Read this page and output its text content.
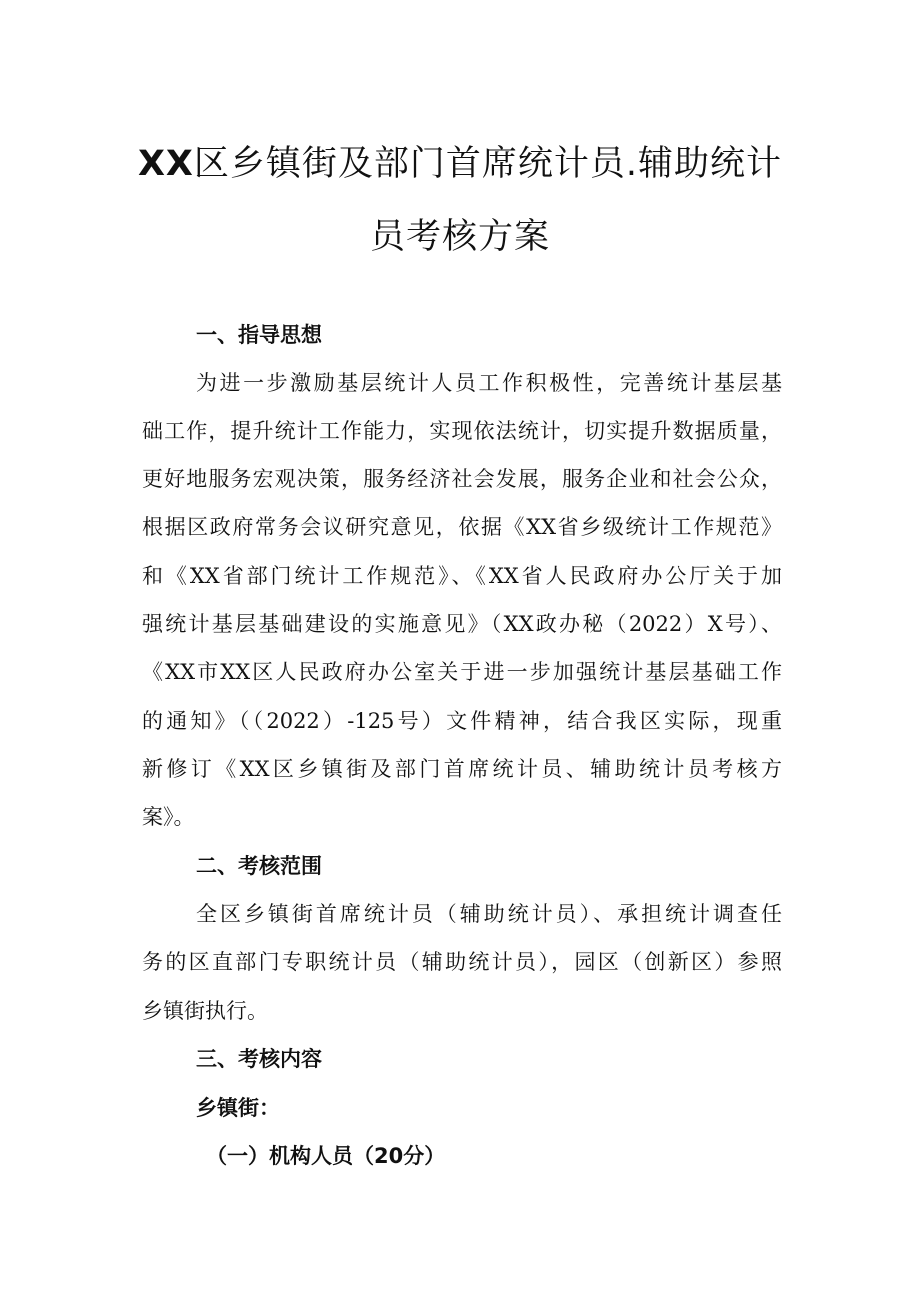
XX区乡镇街及部门首席统计员.辅助统计
员考核方案
一、指导思想
为进一步激励基层统计人员工作积极性，完善统计基层基
础工作，提升统计工作能力，实现依法统计，切实提升数据质量，
更好地服务宏观决策，服务经济社会发展，服务企业和社会公众，
根据区政府常务会议研究意见，依据《XX省乡级统计工作规范》
和《XX省部门统计工作规范》、《XX省人民政府办公厅关于加
强统计基层基础建设的实施意见》（XX政办秘（2022）X号）、
《XX市XX区人民政府办公室关于进一步加强统计基层基础工作
的通知》（（2022）-125号）文件精神，结合我区实际，现重
新修订《XX区乡镇街及部门首席统计员、辅助统计员考核方
案》。
二、考核范围
全区乡镇街首席统计员（辅助统计员）、承担统计调查任
务的区直部门专职统计员（辅助统计员），园区（创新区）参照
乡镇街执行。
三、考核内容
乡镇街：
（一）机构人员（20分）
